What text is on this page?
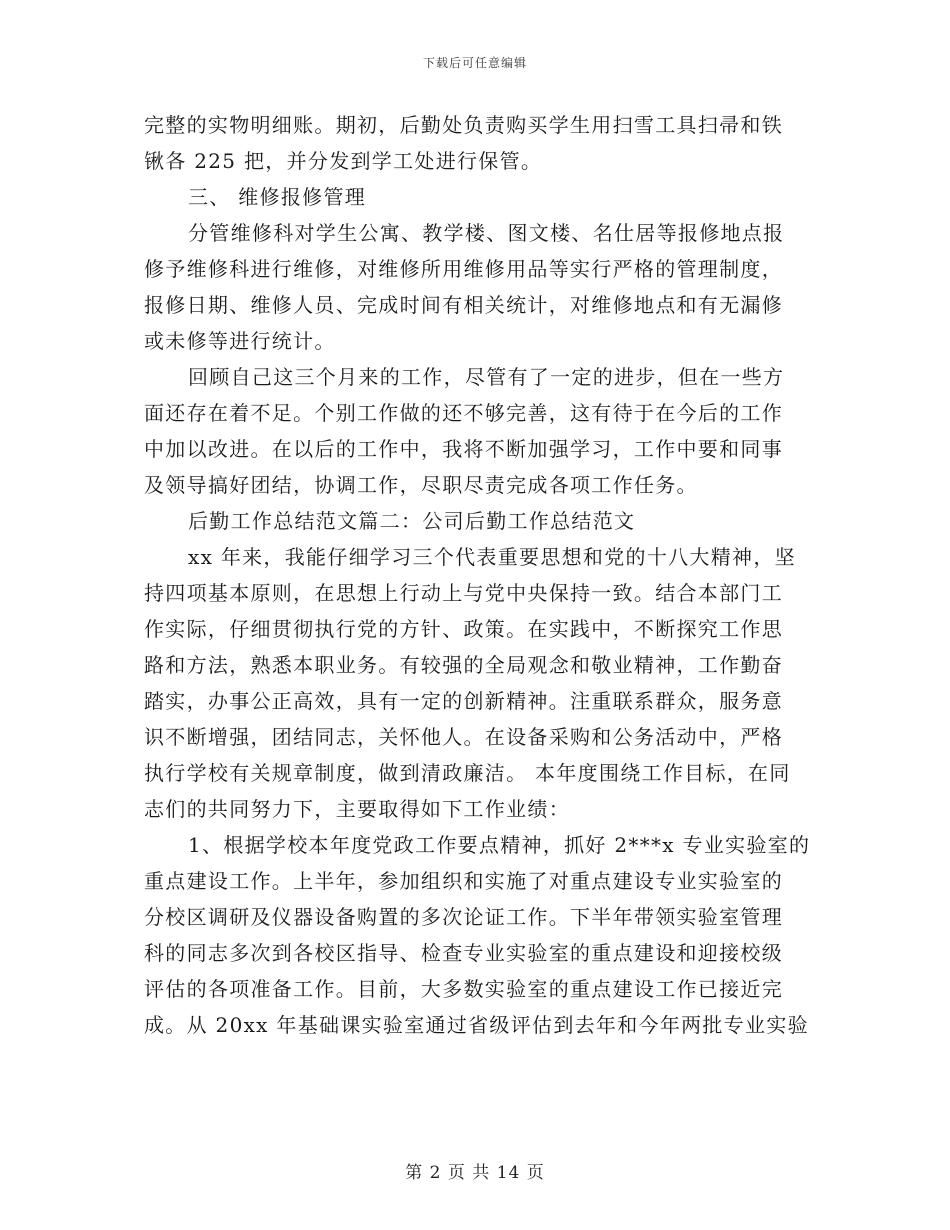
下载后可任意编辑
完整的实物明细账。期初，后勤处负责购买学生用扫雪工具扫帚和铁
锹各 225 把，并分发到学工处进行保管。
三、 维修报修管理
分管维修科对学生公寓、教学楼、图文楼、名仕居等报修地点报
修予维修科进行维修，对维修所用维修用品等实行严格的管理制度，
报修日期、维修人员、完成时间有相关统计，对维修地点和有无漏修
或未修等进行统计。
回顾自己这三个月来的工作，尽管有了一定的进步，但在一些方
面还存在着不足。个别工作做的还不够完善，这有待于在今后的工作
中加以改进。在以后的工作中，我将不断加强学习，工作中要和同事
及领导搞好团结，协调工作，尽职尽责完成各项工作任务。
后勤工作总结范文篇二：公司后勤工作总结范文
xx 年来，我能仔细学习三个代表重要思想和党的十八大精神，坚
持四项基本原则，在思想上行动上与党中央保持一致。结合本部门工
作实际，仔细贯彻执行党的方针、政策。在实践中，不断探究工作思
路和方法，熟悉本职业务。有较强的全局观念和敬业精神，工作勤奋
踏实，办事公正高效，具有一定的创新精神。注重联系群众，服务意
识不断增强，团结同志，关怀他人。在设备采购和公务活动中，严格
执行学校有关规章制度，做到清政廉洁。 本年度围绕工作目标，在同
志们的共同努力下，主要取得如下工作业绩：
1、根据学校本年度党政工作要点精神，抓好 2***x 专业实验室的
重点建设工作。上半年，参加组织和实施了对重点建设专业实验室的
分校区调研及仪器设备购置的多次论证工作。下半年带领实验室管理
科的同志多次到各校区指导、检查专业实验室的重点建设和迎接校级
评估的各项准备工作。目前，大多数实验室的重点建设工作已接近完
成。从 20xx 年基础课实验室通过省级评估到去年和今年两批专业实验
第 2 页 共 14 页
